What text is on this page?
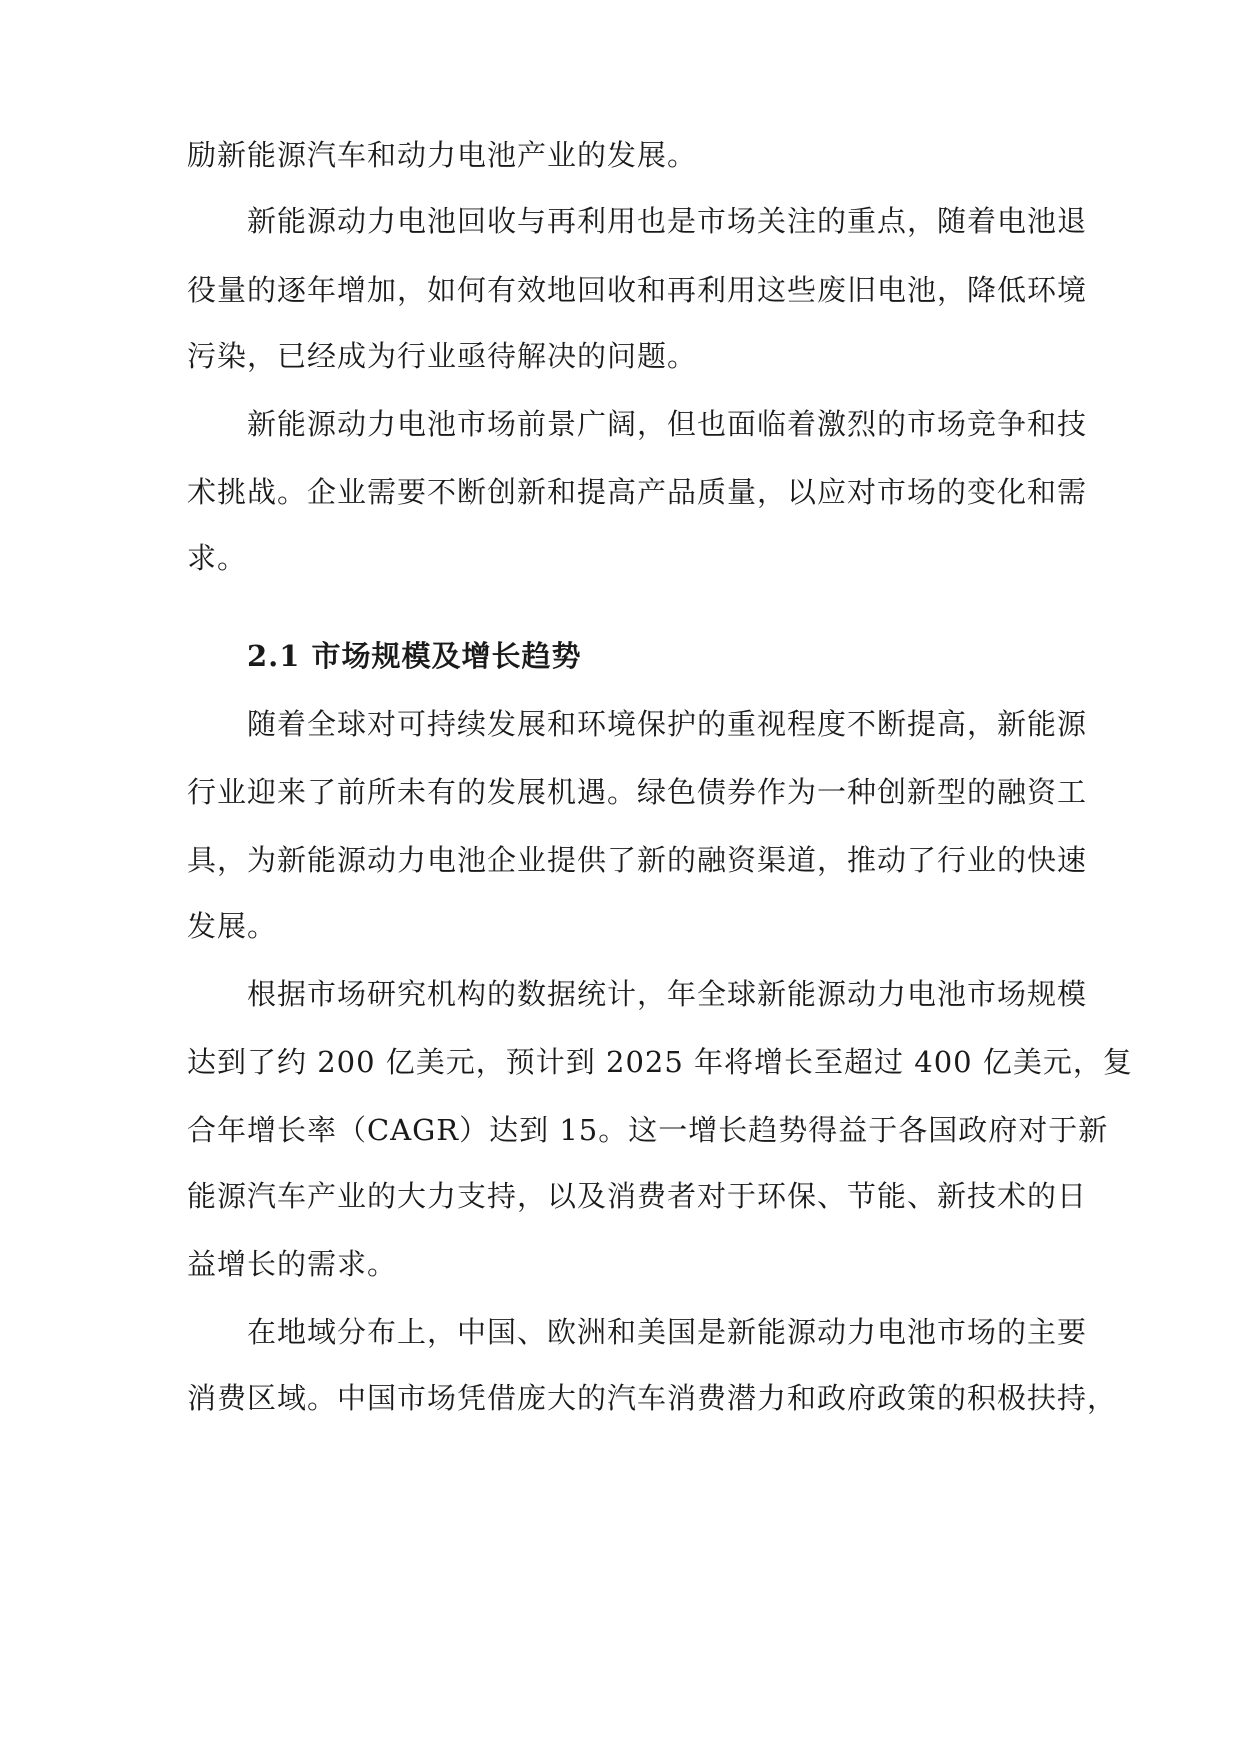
励新能源汽车和动力电池产业的发展。
新能源动力电池回收与再利用也是市场关注的重点，随着电池退
役量的逐年增加，如何有效地回收和再利用这些废旧电池，降低环境
污染，已经成为行业亟待解决的问题。
新能源动力电池市场前景广阔，但也面临着激烈的市场竞争和技
术挑战。企业需要不断创新和提高产品质量，以应对市场的变化和需
求。
2.1 市场规模及增长趋势
随着全球对可持续发展和环境保护的重视程度不断提高，新能源
行业迎来了前所未有的发展机遇。绿色债券作为一种创新型的融资工
具，为新能源动力电池企业提供了新的融资渠道，推动了行业的快速
发展。
根据市场研究机构的数据统计，年全球新能源动力电池市场规模
达到了约 200 亿美元，预计到 2025 年将增长至超过 400 亿美元，复
合年增长率（CAGR）达到 15。这一增长趋势得益于各国政府对于新
能源汽车产业的大力支持，以及消费者对于环保、节能、新技术的日
益增长的需求。
在地域分布上，中国、欧洲和美国是新能源动力电池市场的主要
消费区域。中国市场凭借庞大的汽车消费潜力和政府政策的积极扶持，
